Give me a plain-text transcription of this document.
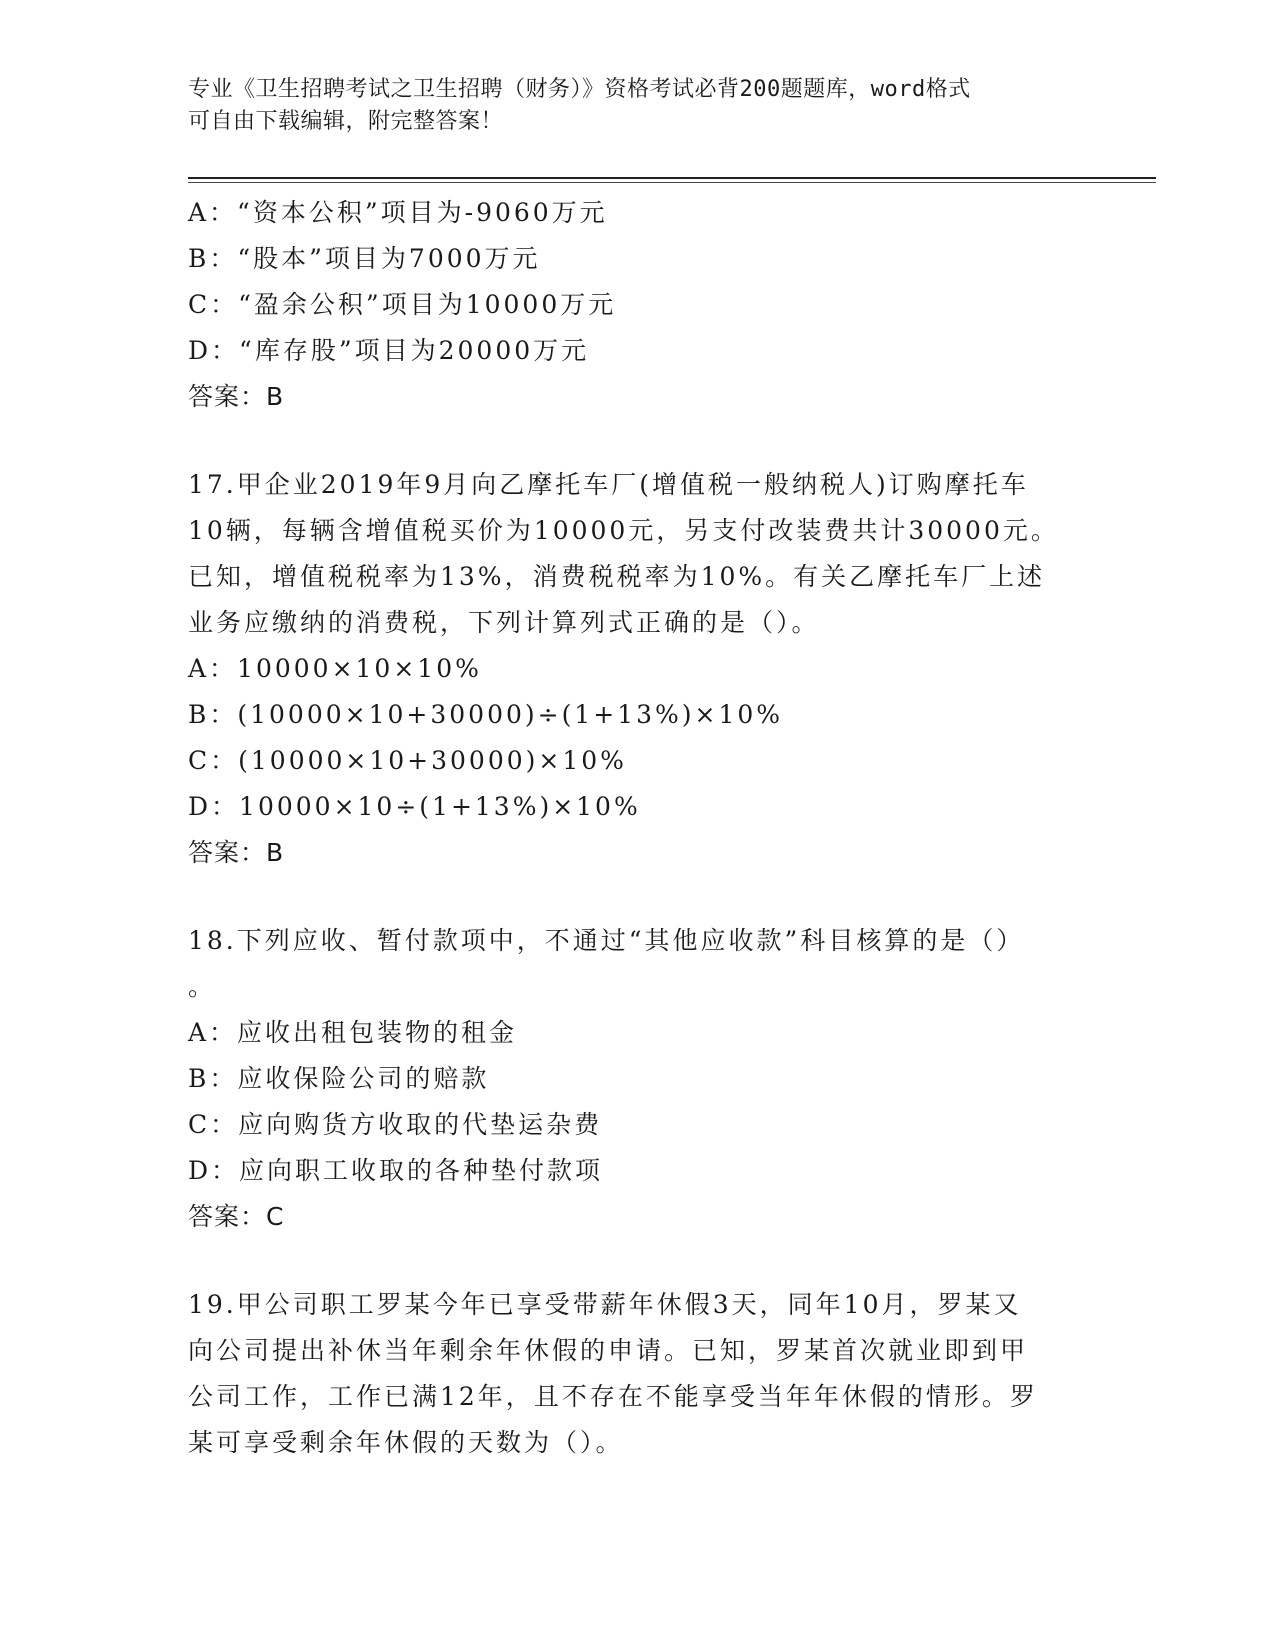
专业《卫生招聘考试之卫生招聘（财务）》资格考试必背200题题库，word格式
可自由下载编辑，附完整答案！
A：“资本公积”项目为-9060万元
B：“股本”项目为7000万元
C：“盈余公积”项目为10000万元
D：“库存股”项目为20000万元
答案：B
17.甲企业2019年9月向乙摩托车厂(增值税一般纳税人)订购摩托车
10辆，每辆含增值税买价为10000元，另支付改装费共计30000元。
已知，增值税税率为13%，消费税税率为10%。有关乙摩托车厂上述
业务应缴纳的消费税，下列计算列式正确的是（）。
A：10000×10×10%
B：(10000×10+30000)÷(1+13%)×10%
C：(10000×10+30000)×10%
D：10000×10÷(1+13%)×10%
答案：B
18.下列应收、暂付款项中，不通过“其他应收款”科目核算的是（）
。
A：应收出租包装物的租金
B：应收保险公司的赔款
C：应向购货方收取的代垫运杂费
D：应向职工收取的各种垫付款项
答案：C
19.甲公司职工罗某今年已享受带薪年休假3天，同年10月，罗某又
向公司提出补休当年剩余年休假的申请。已知，罗某首次就业即到甲
公司工作，工作已满12年，且不存在不能享受当年年休假的情形。罗
某可享受剩余年休假的天数为（）。
